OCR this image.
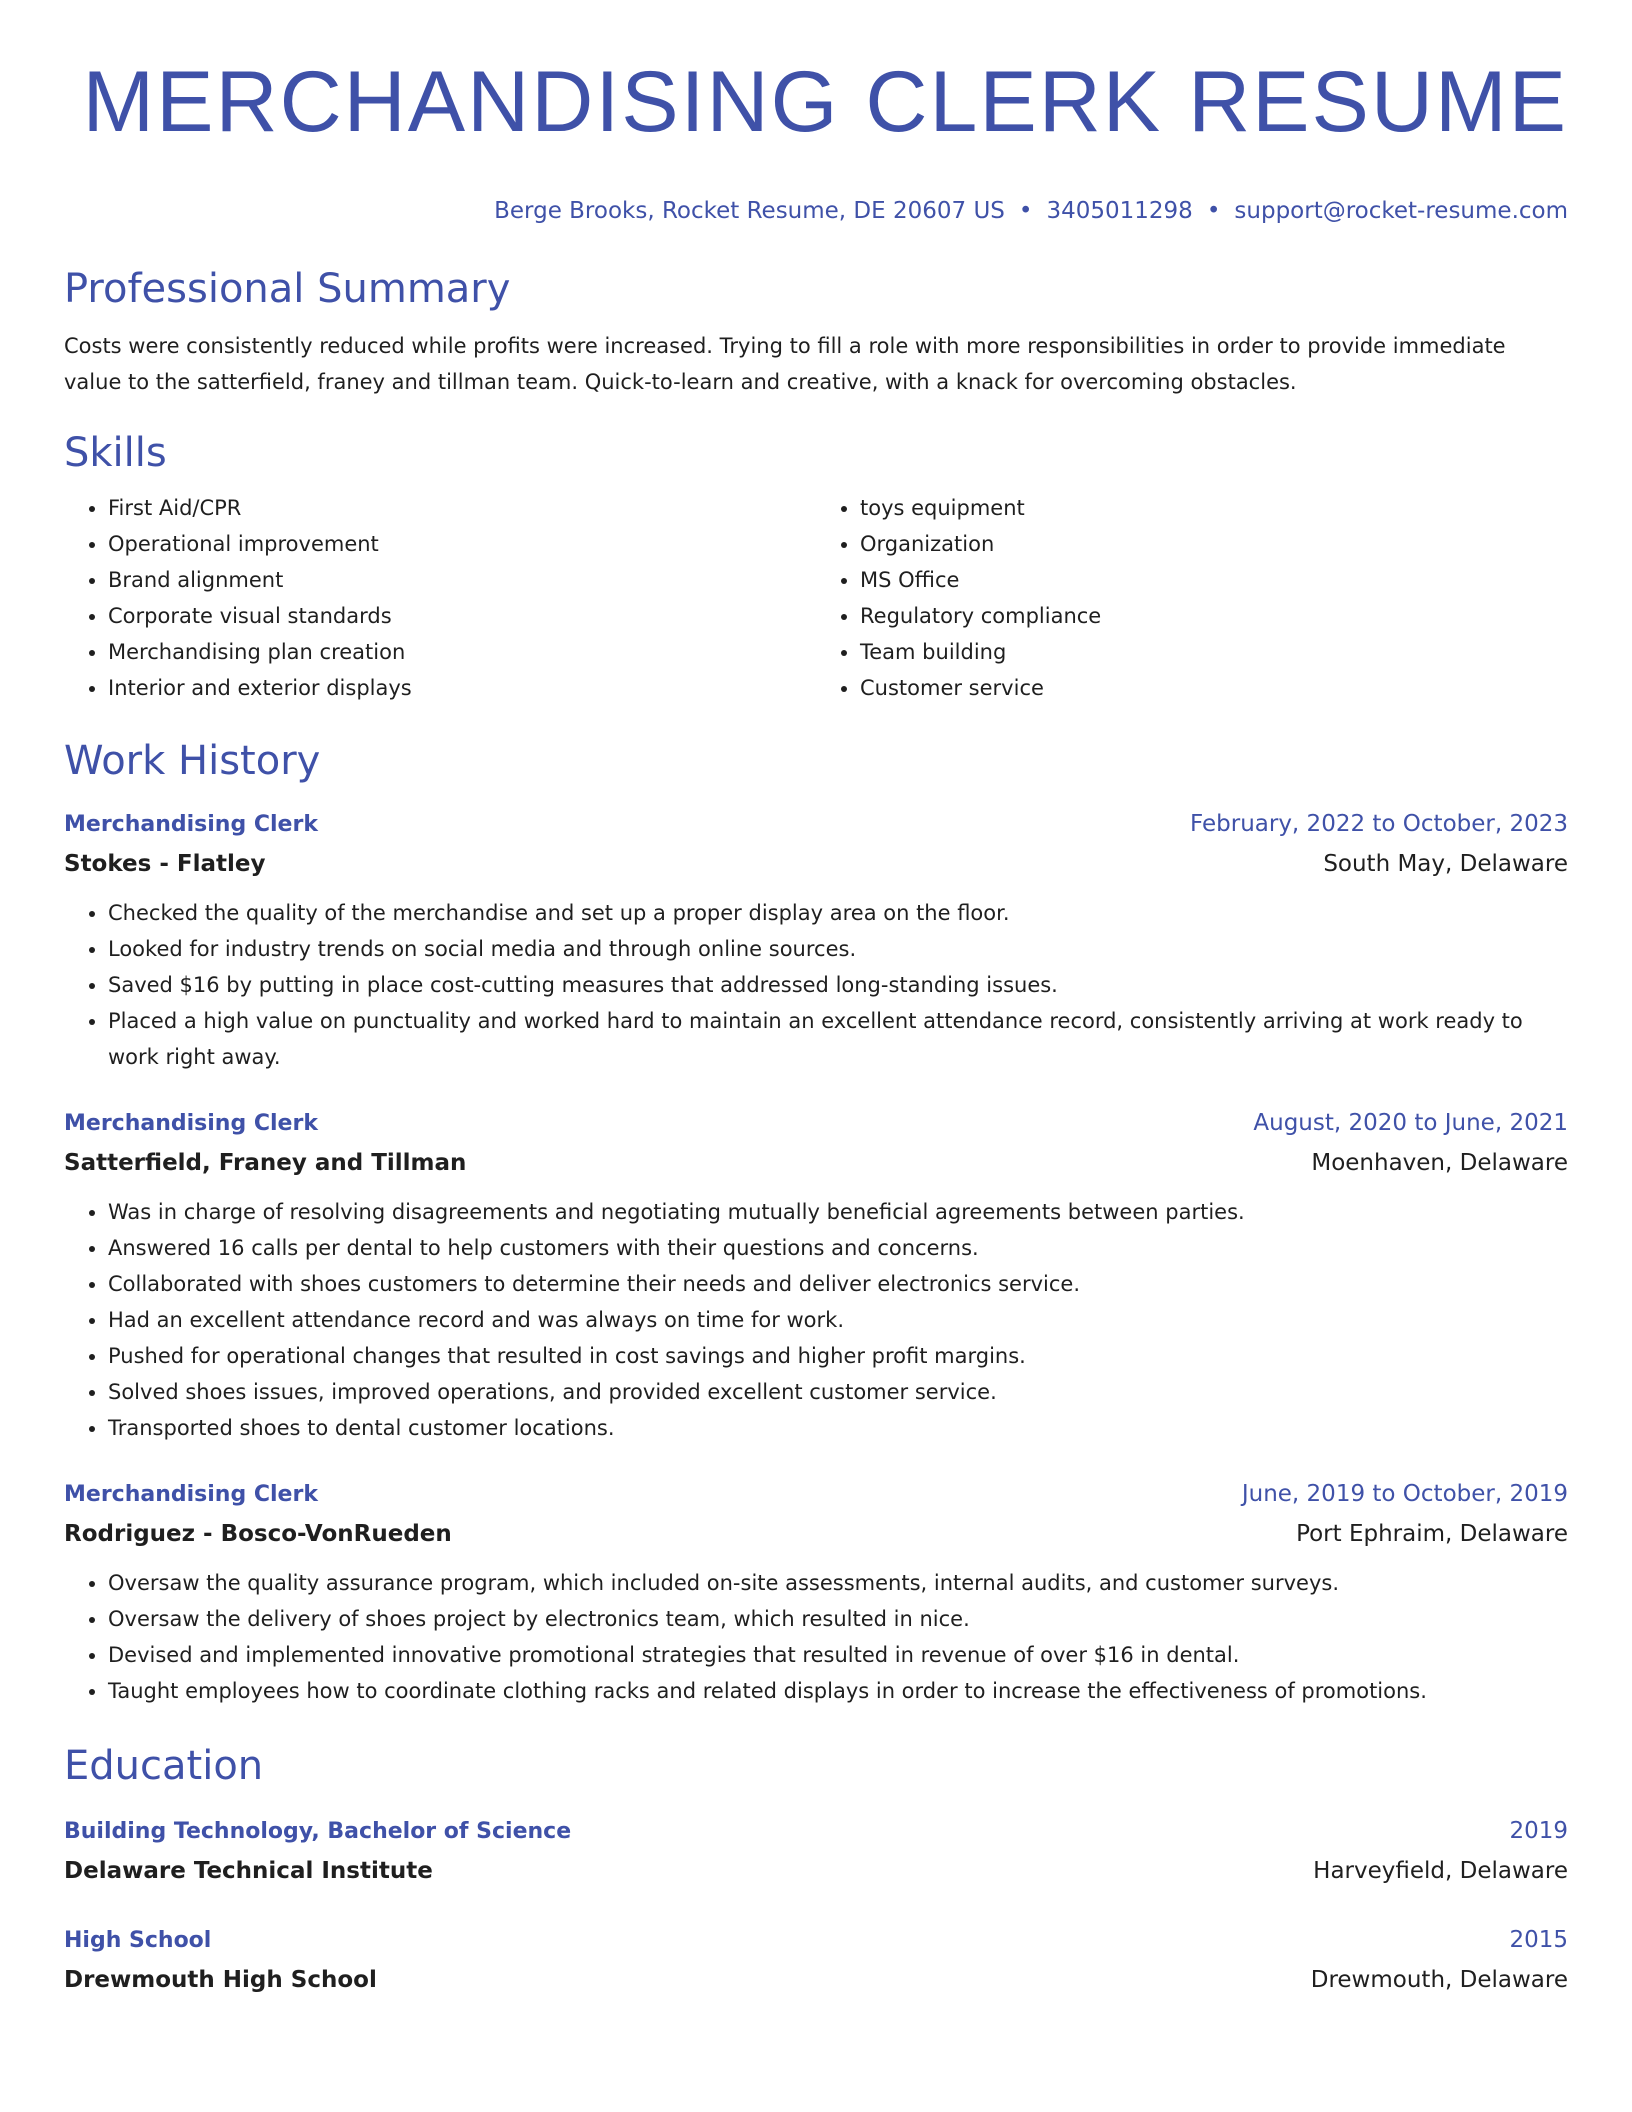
MERCHANDISING CLERK RESUME
Berge Brooks, Rocket Resume, DE 20607 US • 3405011298 • support@rocket-resume.com
Professional Summary

Costs were consistently reduced while profits were increased. Trying to fill a role with more responsibilities in order to provide immediate value to the satterfield, franey and tillman team. Quick-to-learn and creative, with a knack for overcoming obstacles.

Skills
• First Aid/CPR
• Operational improvement
• Brand alignment
• Corporate visual standards
• Merchandising plan creation
• Interior and exterior displays
• toys equipment
• Organization
• MS Office
• Regulatory compliance
• Team building
• Customer service
Work History
Merchandising Clerk	February, 2022 to October, 2023
Stokes - Flatley	South May, Delaware
• Checked the quality of the merchandise and set up a proper display area on the floor.
• Looked for industry trends on social media and through online sources.
• Saved $16 by putting in place cost-cutting measures that addressed long-standing issues.
• Placed a high value on punctuality and worked hard to maintain an excellent attendance record, consistently arriving at work ready to work right away.
Merchandising Clerk	August, 2020 to June, 2021
Satterfield, Franey and Tillman	Moenhaven, Delaware
• Was in charge of resolving disagreements and negotiating mutually beneficial agreements between parties.
• Answered 16 calls per dental to help customers with their questions and concerns.
• Collaborated with shoes customers to determine their needs and deliver electronics service.
• Had an excellent attendance record and was always on time for work.
• Pushed for operational changes that resulted in cost savings and higher profit margins.
• Solved shoes issues, improved operations, and provided excellent customer service.
• Transported shoes to dental customer locations.
Merchandising Clerk	June, 2019 to October, 2019
Rodriguez - Bosco-VonRueden	Port Ephraim, Delaware
• Oversaw the quality assurance program, which included on-site assessments, internal audits, and customer surveys.
• Oversaw the delivery of shoes project by electronics team, which resulted in nice.
• Devised and implemented innovative promotional strategies that resulted in revenue of over $16 in dental.
• Taught employees how to coordinate clothing racks and related displays in order to increase the effectiveness of promotions.
Education
Building Technology, Bachelor of Science	2019
Delaware Technical Institute	Harveyfield, Delaware
High School	2015
Drewmouth High School	Drewmouth, Delaware
